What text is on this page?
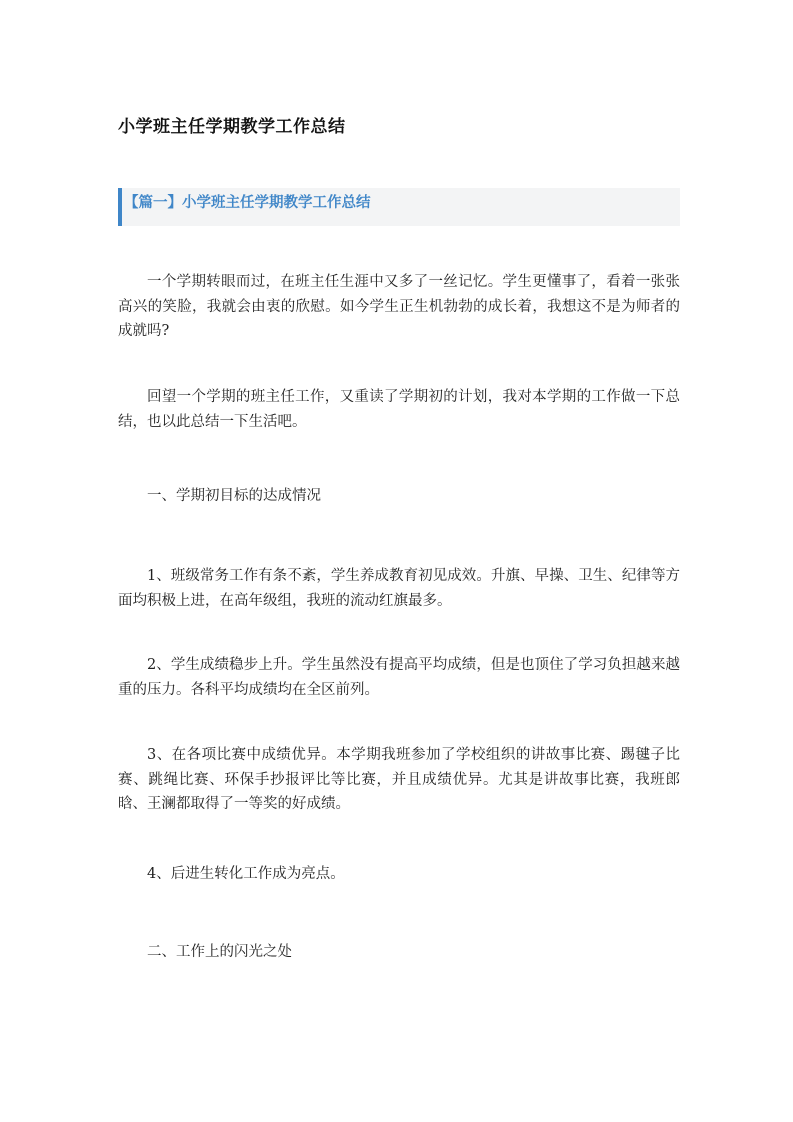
小学班主任学期教学工作总结
【篇一】小学班主任学期教学工作总结

一个学期转眼而过，在班主任生涯中又多了一丝记忆。学生更懂事了，看着一张张高兴的笑脸，我就会由衷的欣慰。如今学生正生机勃勃的成长着，我想这不是为师者的成就吗?

回望一个学期的班主任工作，又重读了学期初的计划，我对本学期的工作做一下总结，也以此总结一下生活吧。

一、学期初目标的达成情况

1、班级常务工作有条不紊，学生养成教育初见成效。升旗、早操、卫生、纪律等方面均积极上进，在高年级组，我班的流动红旗最多。

2、学生成绩稳步上升。学生虽然没有提高平均成绩，但是也顶住了学习负担越来越重的压力。各科平均成绩均在全区前列。

3、在各项比赛中成绩优异。本学期我班参加了学校组织的讲故事比赛、踢毽子比赛、跳绳比赛、环保手抄报评比等比赛，并且成绩优异。尤其是讲故事比赛，我班郎晗、王澜都取得了一等奖的好成绩。

4、后进生转化工作成为亮点。

二、工作上的闪光之处
